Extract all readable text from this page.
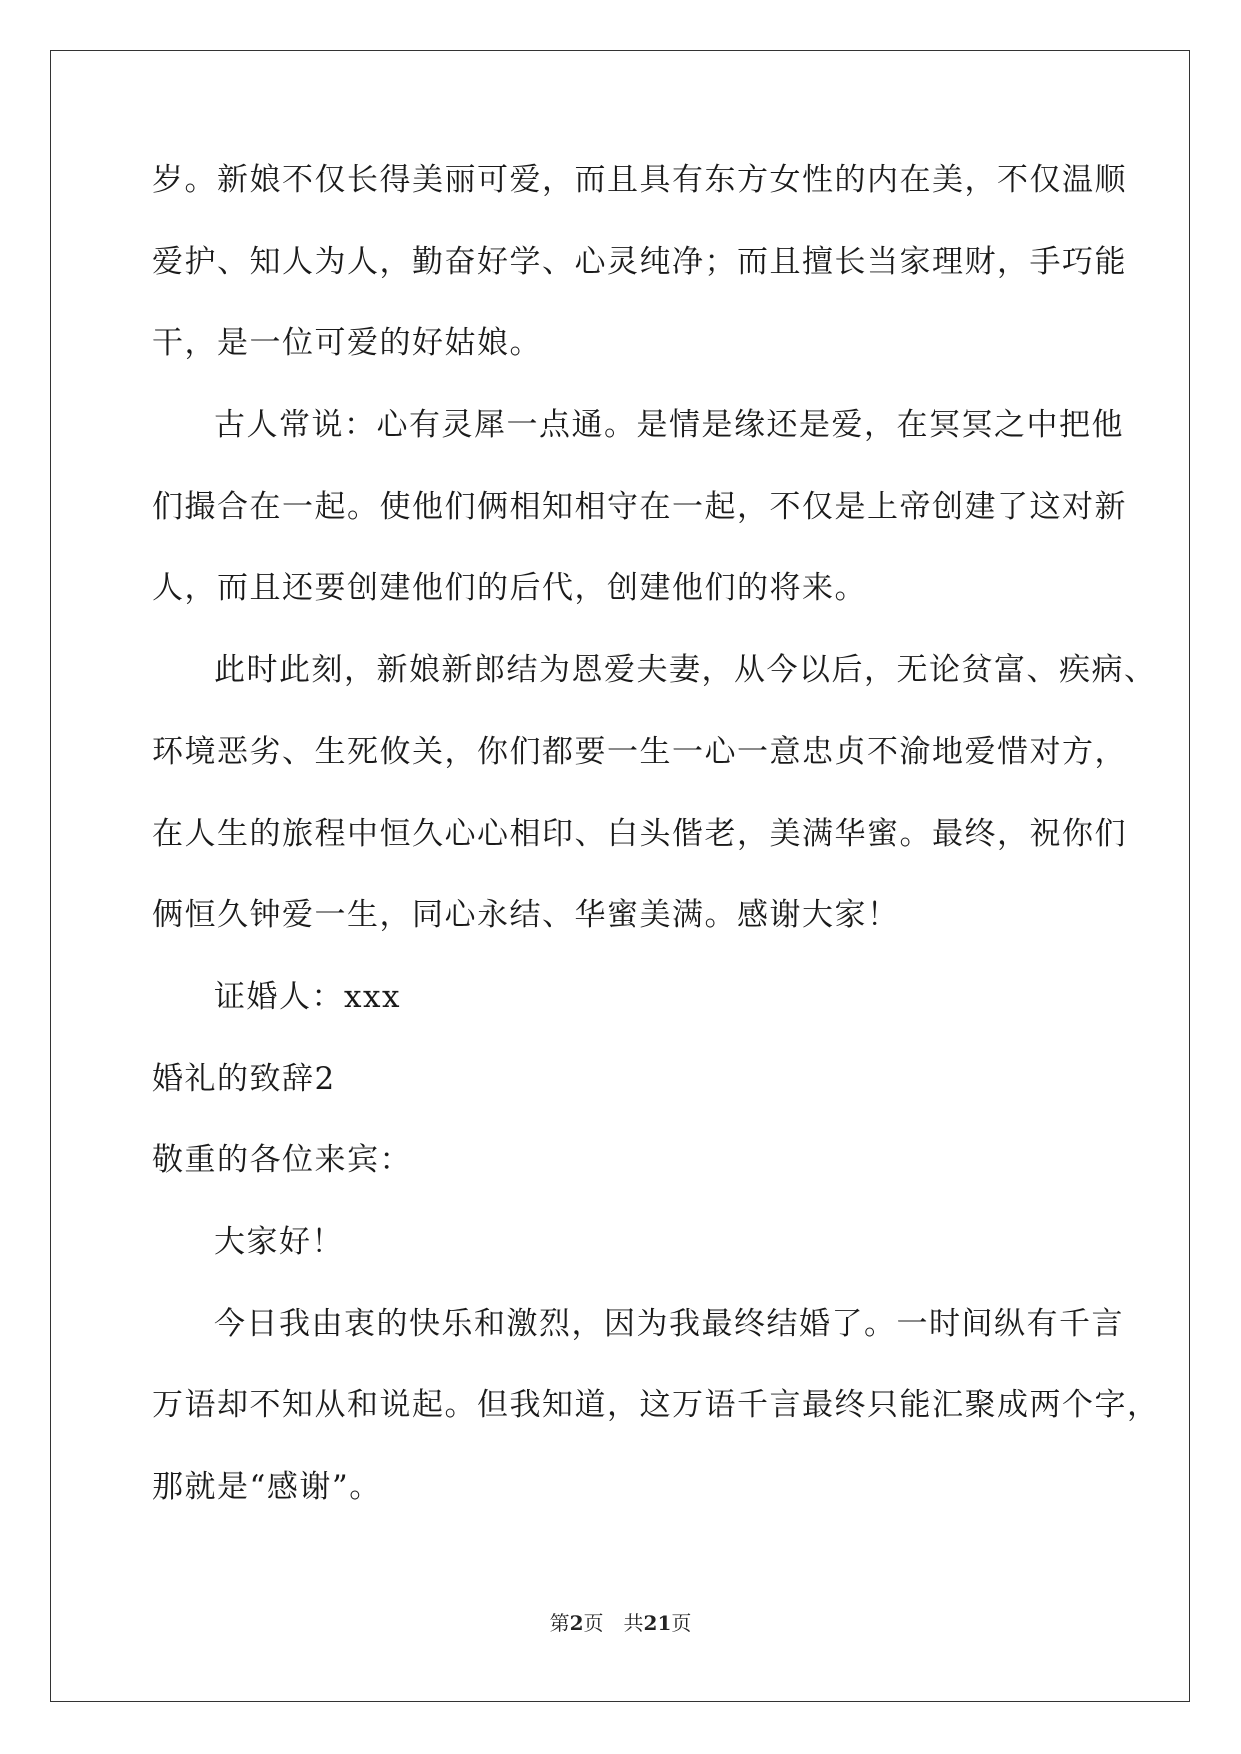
岁。新娘不仅长得美丽可爱，而且具有东方女性的内在美，不仅温顺
爱护、知人为人，勤奋好学、心灵纯净；而且擅长当家理财，手巧能
干，是一位可爱的好姑娘。
古人常说：心有灵犀一点通。是情是缘还是爱，在冥冥之中把他
们撮合在一起。使他们俩相知相守在一起，不仅是上帝创建了这对新
人，而且还要创建他们的后代，创建他们的将来。
此时此刻，新娘新郎结为恩爱夫妻，从今以后，无论贫富、疾病、
环境恶劣、生死攸关，你们都要一生一心一意忠贞不渝地爱惜对方，
在人生的旅程中恒久心心相印、白头偕老，美满华蜜。最终，祝你们
俩恒久钟爱一生，同心永结、华蜜美满。感谢大家！
证婚人：xxx
婚礼的致辞2
敬重的各位来宾：
大家好！
今日我由衷的快乐和激烈，因为我最终结婚了。一时间纵有千言
万语却不知从和说起。但我知道，这万语千言最终只能汇聚成两个字，
那就是“感谢”。
第2页 共21页
